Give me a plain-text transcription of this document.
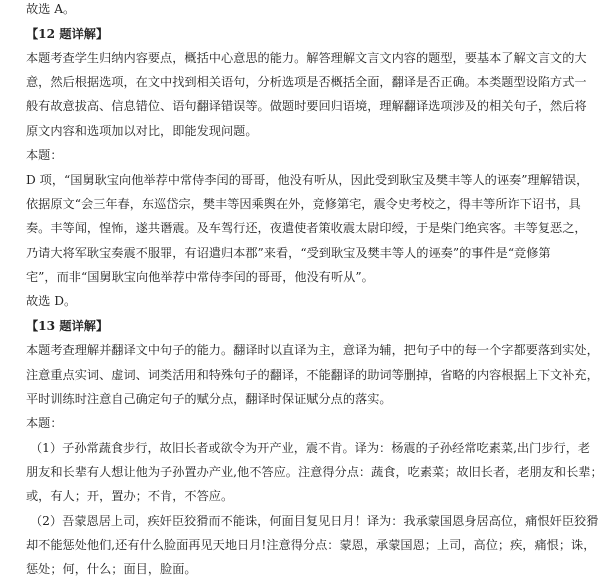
故选 A。
【12 题详解】
本题考查学生归纳内容要点，概括中心意思的能力。解答理解文言文内容的题型，要基本了解文言文的大
意，然后根据选项，在文中找到相关语句，分析选项是否概括全面，翻译是否正确。本类题型设陷方式一
般有故意拔高、信息错位、语句翻译错误等。做题时要回归语境，理解翻译选项涉及的相关句子，然后将
原文内容和选项加以对比，即能发现问题。
本题：
D 项，“国舅耿宝向他举荐中常侍李闰的哥哥，他没有听从，因此受到耿宝及樊丰等人的诬奏”理解错误，
依据原文“会三年春，东巡岱宗，樊丰等因乘舆在外，竞修第宅，震令史考校之，得丰等所诈下诏书，具
奏。丰等闻，惶怖，遂共谮震。及车驾行还，夜遣使者策收震太尉印绶，于是柴门绝宾客。丰等复恶之，
乃请大将军耿宝奏震不服罪，有诏遣归本郡”来看，“受到耿宝及樊丰等人的诬奏”的事件是“竞修第
宅”，而非“国舅耿宝向他举荐中常侍李闰的哥哥，他没有听从”。
故选 D。
【13 题详解】
本题考查理解并翻译文中句子的能力。翻译时以直译为主，意译为辅，把句子中的每一个字都要落到实处，
注意重点实词、虚词、词类活用和特殊句子的翻译，不能翻译的助词等删掉，省略的内容根据上下文补充，
平时训练时注意自己确定句子的赋分点，翻译时保证赋分点的落实。
本题：
（1）子孙常蔬食步行，故旧长者或欲令为开产业，震不肯。译为：杨震的子孙经常吃素菜,出门步行，老
朋友和长辈有人想让他为子孙置办产业,他不答应。注意得分点：蔬食，吃素菜；故旧长者，老朋友和长辈；
或，有人；开，置办；不肯，不答应。
（2）吾蒙恩居上司，疾奸臣狡猾而不能诛，何面目复见日月！译为：我承蒙国恩身居高位，痛恨奸臣狡猾
却不能惩处他们,还有什么脸面再见天地日月!注意得分点：蒙恩，承蒙国恩；上司，高位；疾，痛恨；诛，
惩处；何，什么；面目，脸面。
